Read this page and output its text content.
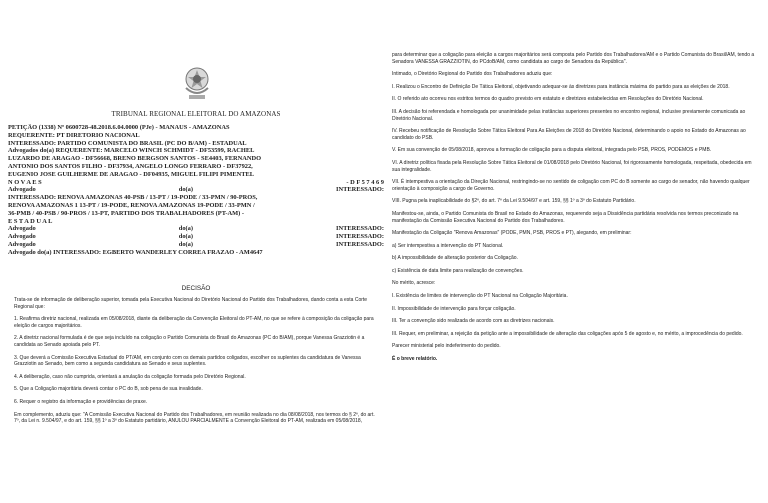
TRIBUNAL REGIONAL ELEITORAL DO AMAZONAS
PETIÇÃO (1338) Nº 0600728-48.2018.6.04.0000 (PJe) - MANAUS - AMAZONAS
REQUERENTE: PT DIRETORIO NACIONAL
INTERESSADO: PARTIDO COMUNISTA DO BRASIL (PC DO B/AM) - ESTADUAL
Advogados do(a) REQUERENTE: MARCELO WINCH SCHMIDT - DF53599, RACHEL
LUZARDO DE ARAGAO - DF56668, BRENO BERGSON SANTOS - SE4403, FERNANDO
ANTONIO DOS SANTOS FILHO - DF37934, ANGELO LONGO FERRARO - DF37922,
EUGENIO JOSE GUILHERME DE ARAGAO - DF04935, MIGUEL FILIPI PIMENTEL
N O V A E S	- D F 5 7 4 6 9
Advogado	do(a)	INTERESSADO:
INTERESSADO: RENOVA AMAZONAS 40-PSB / 13-PT / 19-PODE / 33-PMN / 90-PROS,
RENOVA AMAZONAS 1 13-PT / 19-PODE, RENOVA AMAZONAS 19-PODE / 33-PMN /
36-PMB / 40-PSB / 90-PROS / 13-PT, PARTIDO DOS TRABALHADORES (PT-AM) -
E S T A D U A L
Advogado	do(a)	INTERESSADO:
Advogado	do(a)	INTERESSADO:
Advogado	do(a)	INTERESSADO:
Advogado do(a) INTERESSADO: EGBERTO WANDERLEY CORREA FRAZAO - AM4647
DECISÃO

Trata-se de informação de deliberação superior, tomada pela Executiva Nacional do Diretório Nacional do Partido dos Trabalhadores, dando conta a esta Corte Regional que:

1. Reafirma diretriz nacional, realizada em 05/08/2018, diante da deliberação da Convenção Eleitoral do PT-AM, no que se refere à composição da coligação para eleição de cargos majoritários.

2. A diretriz nacional formulada é de que seja incluído na coligação o Partido Comunista do Brasil do Amazonas (PC do B/AM), porque Vanessa Grazziotin é a candidata ao Senado apoiada pelo PT.

3. Que deverá a Comissão Executiva Estadual do PT/AM, em conjunto com os demais partidos coligados, escolher os suplentes da candidatura de Vanessa Grazziotin ao Senado, bem como a segunda candidatura ao Senado e seus suplentes.

4. A deliberação, caso não cumprida, orientará a anulação da coligação formada pelo Diretório Regional.

5. Que a Coligação majoritária deverá contar o PC do B, sob pena de sua invalidade.

6. Requer o registro da informação e providências de praxe.

Em complemento, aduziu que: "A Comissão Executiva Nacional do Partido dos Trabalhadores, em reunião realizada no dia 08/08/2018, nos termos do § 2º, do art. 7º, da Lei n. 9.504/97, e do art. 159, §§ 1º a 3º do Estatuto partidário, ANULOU PARCIALMENTE a Convenção Eleitoral do PT-AM, realizada em 05/08/2018,

para determinar que a coligação para eleição a cargos majoritários será composta pelo Partido dos Trabalhadores/AM e o Partido Comunista do Brasil/AM, tendo a Senadora VANESSA GRAZZIOTIN, do PCdoB/AM, como candidata ao cargo de Senadora da República".

Intimado, o Diretório Regional do Partido dos Trabalhadores aduziu que:

I. Realizou o Encontro de Definição De Tática Eleitoral, objetivando adequar-se às diretrizes para instância máxima do partido para as eleições de 2018.

II. O referido ato ocorreu nos estritos termos do quadro previsto em estatuto e diretrizes estabelecidas em Resoluções do Diretório Nacional.

III. A decisão foi referendada e homologada por unanimidade pelas instâncias superiores presentes no encontro regional, inclusive previamente comunicada ao Diretório Nacional.

IV. Recebeu notificação de Resolução Sobre Tática Eleitoral Para As Eleições de 2018 do Diretório Nacional, determinando o apoio no Estado do Amazonas ao candidato do PSB.

V. Em sua convenção de 05/08/2018, aprovou a formação de coligação para a disputa eleitoral, integrada pelo PSB, PROS, PODEMOS e PMB.

VI. A diretriz política fixada pela Resolução Sobre Tática Eleitoral de 01/08/2018 pelo Diretório Nacional, foi rigorosamente homologada, respeitada, obedecida em sua integralidade.

VII. É intempestiva a orientação da Direção Nacional, restringindo-se no sentido de coligação com PC do B somente ao cargo de senador, não havendo qualquer orientação à composição a cargo de Governo.

VIII. Pugna pela inaplicabilidade do §2º, do art. 7º da Lei 9.504/97 e art. 159, §§ 1º a 3º do Estatuto Partidário.

Manifestou-se, ainda, o Partido Comunista do Brasil no Estado do Amazonas, requerendo seja a Dissidência partidária resolvida nos termos preconizado na manifestação da Comissão Executiva Nacional do Partido dos Trabalhadores.

Manifestação da Coligação "Renova Amazonas" (PODE, PMN, PSB, PROS e PT), alegando, em preliminar:

a) Ser intempestiva a intervenção do PT Nacional.

b) A impossibilidade de alteração posterior da Coligação.

c) Existência de data limite para realização de convenções.

No mérito, acresce:

I. Existência de limites de intervenção do PT Nacional na Coligação Majoritária.

II. Impossibilidade de intervenção para forçar coligação.

III. Ter a convenção sido realizada de acordo com as diretrizes nacionais.

III. Requer, em preliminar, a rejeição da petição ante a impossibilidade de alteração das coligações após 5 de agosto e, no mérito, a improcedência do pedido.

Parecer ministerial pelo indeferimento do pedido.

É o breve relatório.
